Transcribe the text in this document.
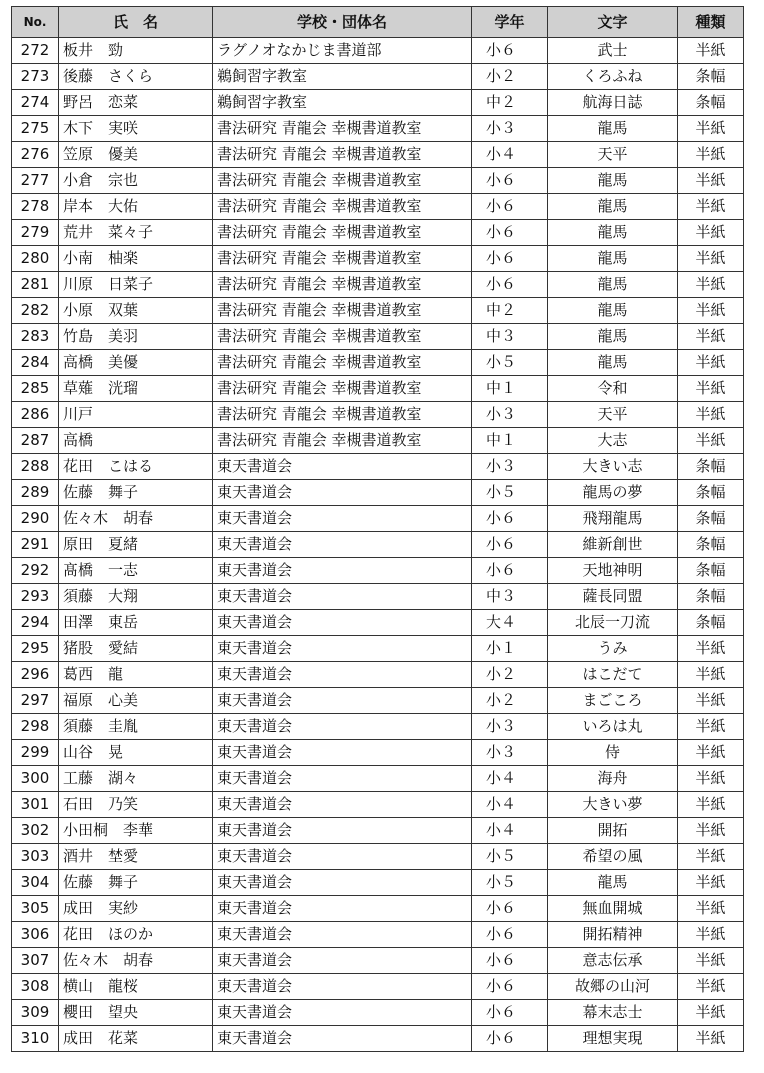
No.	氏　名	学校・団体名	学年	文字	種類
272	板井　勁	ラグノオなかじま書道部	小６	武士	半紙
273	後藤　さくら	鵜飼習字教室	小２	くろふね	条幅
274	野呂　恋菜	鵜飼習字教室	中２	航海日誌	条幅
275	木下　実咲	書法研究 青龍会 幸槻書道教室	小３	龍馬	半紙
276	笠原　優美	書法研究 青龍会 幸槻書道教室	小４	天平	半紙
277	小倉　宗也	書法研究 青龍会 幸槻書道教室	小６	龍馬	半紙
278	岸本　大佑	書法研究 青龍会 幸槻書道教室	小６	龍馬	半紙
279	荒井　菜々子	書法研究 青龍会 幸槻書道教室	小６	龍馬	半紙
280	小南　柚楽	書法研究 青龍会 幸槻書道教室	小６	龍馬	半紙
281	川原　日菜子	書法研究 青龍会 幸槻書道教室	小６	龍馬	半紙
282	小原　双葉	書法研究 青龍会 幸槻書道教室	中２	龍馬	半紙
283	竹島　美羽	書法研究 青龍会 幸槻書道教室	中３	龍馬	半紙
284	高橋　美優	書法研究 青龍会 幸槻書道教室	小５	龍馬	半紙
285	草薙　洸瑠	書法研究 青龍会 幸槻書道教室	中１	令和	半紙
286	川戸	書法研究 青龍会 幸槻書道教室	小３	天平	半紙
287	高橋	書法研究 青龍会 幸槻書道教室	中１	大志	半紙
288	花田　こはる	東天書道会	小３	大きい志	条幅
289	佐藤　舞子	東天書道会	小５	龍馬の夢	条幅
290	佐々木　胡春	東天書道会	小６	飛翔龍馬	条幅
291	原田　夏緒	東天書道会	小６	維新創世	条幅
292	髙橋　一志	東天書道会	小６	天地神明	条幅
293	須藤　大翔	東天書道会	中３	薩長同盟	条幅
294	田澤　東岳	東天書道会	大４	北辰一刀流	条幅
295	猪股　愛結	東天書道会	小１	うみ	半紙
296	葛西　龍	東天書道会	小２	はこだて	半紙
297	福原　心美	東天書道会	小２	まごころ	半紙
298	須藤　圭胤	東天書道会	小３	いろは丸	半紙
299	山谷　晃	東天書道会	小３	侍	半紙
300	工藤　湖々	東天書道会	小４	海舟	半紙
301	石田　乃笑	東天書道会	小４	大きい夢	半紙
302	小田桐　李華	東天書道会	小４	開拓	半紙
303	酒井　埜愛	東天書道会	小５	希望の風	半紙
304	佐藤　舞子	東天書道会	小５	龍馬	半紙
305	成田　実紗	東天書道会	小６	無血開城	半紙
306	花田　ほのか	東天書道会	小６	開拓精神	半紙
307	佐々木　胡春	東天書道会	小６	意志伝承	半紙
308	横山　龍桜	東天書道会	小６	故郷の山河	半紙
309	櫻田　望央	東天書道会	小６	幕末志士	半紙
310	成田　花菜	東天書道会	小６	理想実現	半紙
